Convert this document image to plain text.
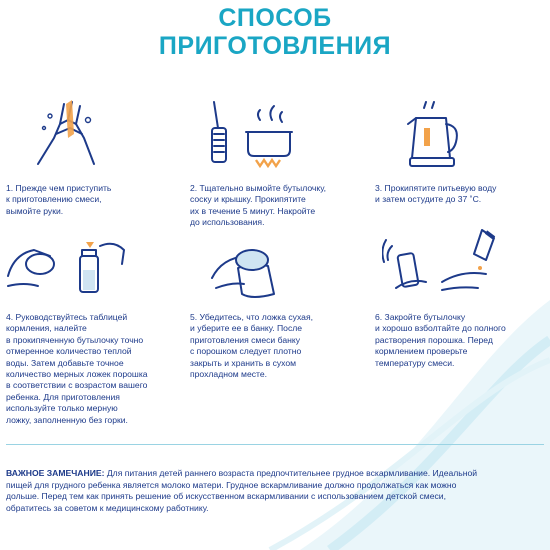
СПОСОБ
ПРИГОТОВЛЕНИЯ
1. Прежде чем приступить
к приготовлению смеси,
вымойте руки.
2. Тщательно вымойте бутылочку,
соску и крышку. Прокипятите
их в течение 5 минут. Накройте
до использования.
3. Прокипятите питьевую воду
и затем остудите до 37 ˚С.
4. Руководствуйтесь таблицей
кормления, налейте
в прокипяченную бутылочку точно
отмеренное количество теплой
воды. Затем добавьте точное
количество мерных ложек порошка
в соответствии с возрастом вашего
ребенка. Для приготовления
используйте только мерную
ложку, заполненную без горки.
5. Убедитесь, что ложка сухая,
и уберите ее в банку. После
приготовления смеси банку
с порошком следует плотно
закрыть и хранить в сухом
прохладном месте.
6. Закройте бутылочку
и хорошо взболтайте до полного
растворения порошка. Перед
кормлением проверьте
температуру смеси.
ВАЖНОЕ ЗАМЕЧАНИЕ: Для питания детей раннего возраста предпочтительнее грудное вскармливание. Идеальной
пищей для грудного ребенка является молоко матери. Грудное вскармливание должно продолжаться как можно
дольше. Перед тем как принять решение об искусственном вскармливании с использованием детской смеси,
обратитесь за советом к медицинскому работнику.
